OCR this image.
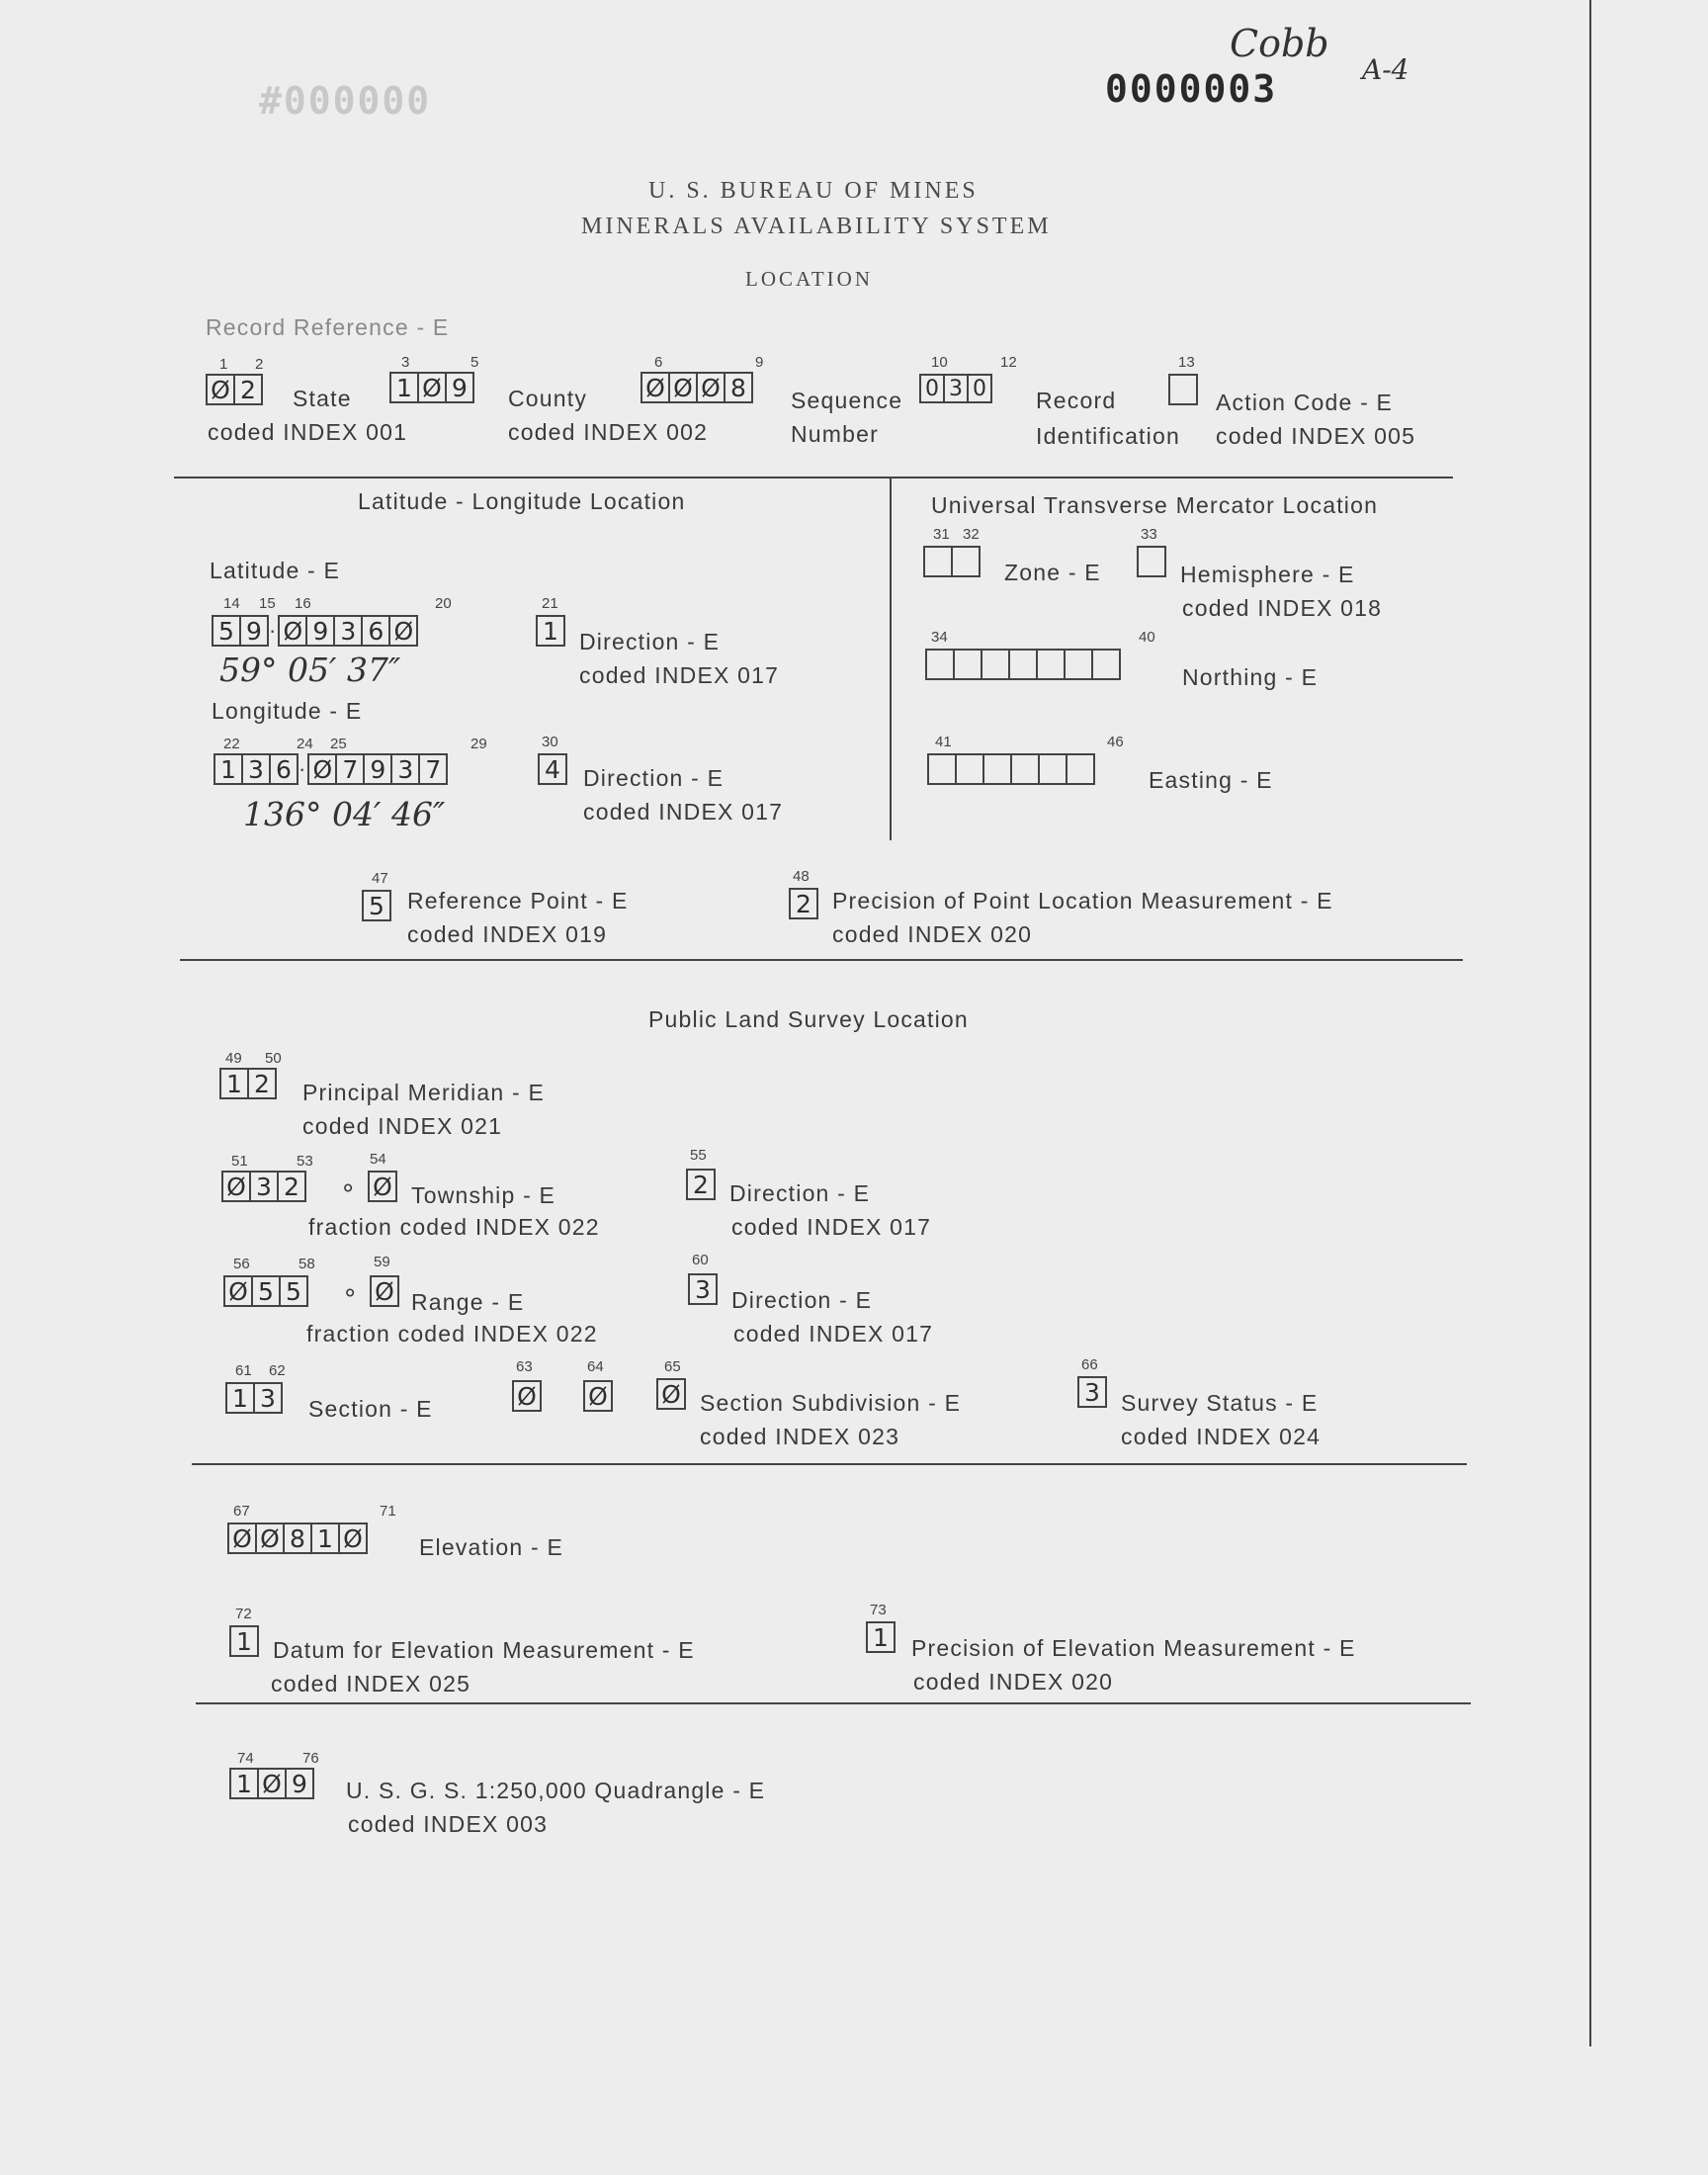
#000000	0000003
Cobb
A-4
U. S. BUREAU OF MINES
MINERALS AVAILABILITY SYSTEM
LOCATION
Record Reference - E
1 2
Ø 2	State
coded INDEX 001
3	5
1 Ø 9	County
coded INDEX 002
6	9
Ø Ø Ø 8	Sequence
Number
10	12
0 3 0 Record
Identification
13
Action Code - E
coded INDEX 005
Latitude - Longitude Location
Latitude - E
14 15 16	20
5 9 · Ø 9 3 6 Ø
59° 05′ 37″
21
1 Direction - E
coded INDEX 017
Longitude - E
22	24 25	29
1 3 6 · Ø 7 9 3 7
136° 04′ 46″
30
4	Direction - E
coded INDEX 017
Universal Transverse Mercator Location
31 32
Zone - E
33
Hemisphere - E
coded INDEX 018
34	40
Northing - E
41	46
Easting - E
47
5	Reference Point - E
coded INDEX 019
48
2 Precision of Point Location Measurement - E
coded INDEX 020
Public Land Survey Location
49 50
1 2	Principal Meridian - E
coded INDEX 021
51	53	54
Ø 3 2 ∘ Ø Township - E
fraction coded INDEX 022
55
2 Direction - E
coded INDEX 017
56	58	59
Ø 5 5 ∘ Ø Range - E
fraction coded INDEX 022
60
3 Direction - E
coded INDEX 017
61 62
1 3	Section - E
63
Ø
64
Ø
65
Ø Section Subdivision - E
coded INDEX 023
66
3 Survey Status - E
coded INDEX 024
67	71
Ø Ø 8 1 Ø Elevation - E
72
1 Datum for Elevation Measurement - E
coded INDEX 025
73
1	Precision of Elevation Measurement - E
coded INDEX 020
74	76
1 Ø 9	U. S. G. S. 1:250,000 Quadrangle - E
coded INDEX 003
